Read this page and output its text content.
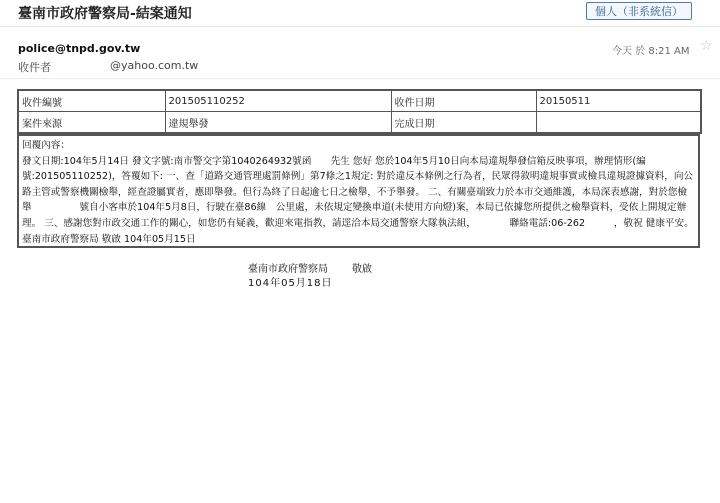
臺南市政府警察局-結案通知	個人（非系統信）
police@tnpd.gov.tw
收件者	@yahoo.com.tw
今天 於 8:21 AM ☆
收件編號	201505110252	收件日期	20150511
案件來源	違規舉發	完成日期	
回覆內容：
發文日期:104年5月14日 發文字號:南市警交字第1040264932號函　　先生 您好 您於104年5月10日向本局違規舉發信箱反映事項，辦理情形(編號:201505110252)，答覆如下: 一、查「道路交通管理處罰條例」第7條之1規定: 對於違反本條例之行為者，民眾得敘明違規事實或檢具違規證據資料，向公路主管或警察機關檢舉，經查證屬實者，應即舉發。但行為終了日起逾七日之檢舉，不予舉發。 二、有關臺端致力於本市交通維護，本局深表感謝，對於您檢舉　　　　　號自小客車於104年5月8日，行駛在臺86線　公里處，未依規定變換車道(未使用方向燈)案，本局已依據您所提供之檢舉資料，受依上開規定辦理。 三、感謝您對市政交通工作的關心，如您仍有疑義，歡迎來電指教，請逕洽本局交通警察大隊執法組，　　　　聯絡電話:06-262　　　，敬祝 健康平安。 臺南市政府警察局 敬啟 104年05月15日
臺南市政府警察局 敬啟
104年05月18日
